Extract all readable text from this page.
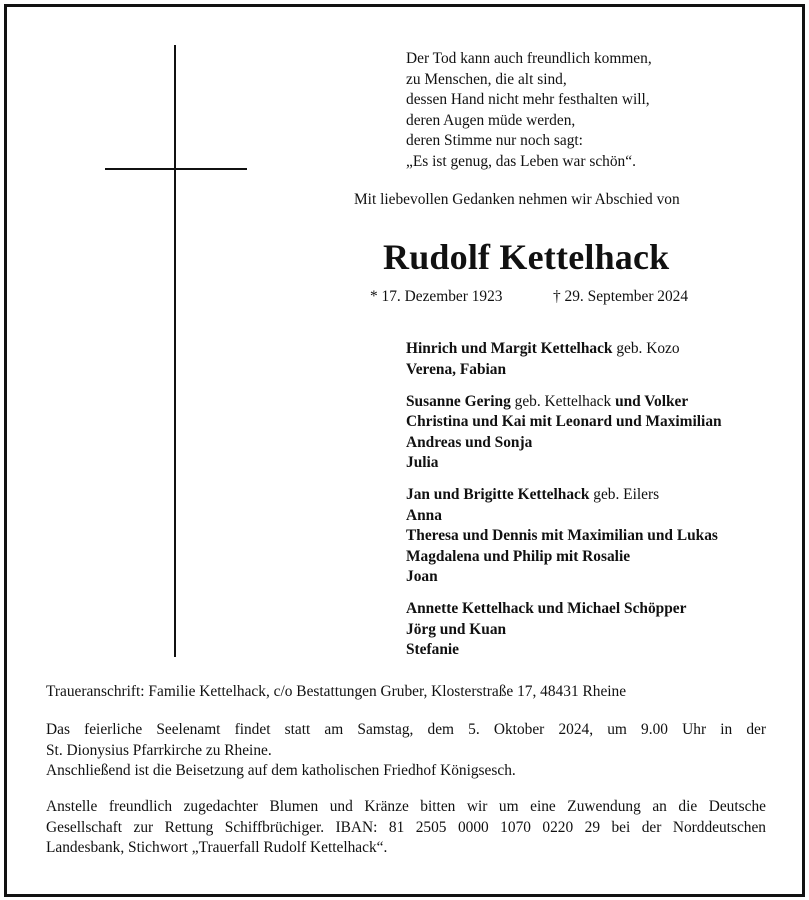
Der Tod kann auch freundlich kommen,
zu Menschen, die alt sind,
dessen Hand nicht mehr festhalten will,
deren Augen müde werden,
deren Stimme nur noch sagt:
„Es ist genug, das Leben war schön“.
Mit liebevollen Gedanken nehmen wir Abschied von
Rudolf Kettelhack
* 17. Dezember 1923	† 29. September 2024
Hinrich und Margit Kettelhack geb. Kozo
Verena, Fabian
Susanne Gering geb. Kettelhack und Volker
Christina und Kai mit Leonard und Maximilian
Andreas und Sonja
Julia
Jan und Brigitte Kettelhack geb. Eilers
Anna
Theresa und Dennis mit Maximilian und Lukas
Magdalena und Philip mit Rosalie
Joan
Annette Kettelhack und Michael Schöpper
Jörg und Kuan
Stefanie
Traueranschrift: Familie Kettelhack, c/o Bestattungen Gruber, Klosterstraße 17, 48431 Rheine
Das feierliche Seelenamt findet statt am Samstag, dem 5. Oktober 2024, um 9.00 Uhr in der
St. Dionysius Pfarrkirche zu Rheine.
Anschließend ist die Beisetzung auf dem katholischen Friedhof Königsesch.
Anstelle freundlich zugedachter Blumen und Kränze bitten wir um eine Zuwendung an die Deutsche
Gesellschaft zur Rettung Schiffbrüchiger. IBAN: 81 2505 0000 1070 0220 29 bei der Norddeutschen
Landesbank, Stichwort „Trauerfall Rudolf Kettelhack“.
